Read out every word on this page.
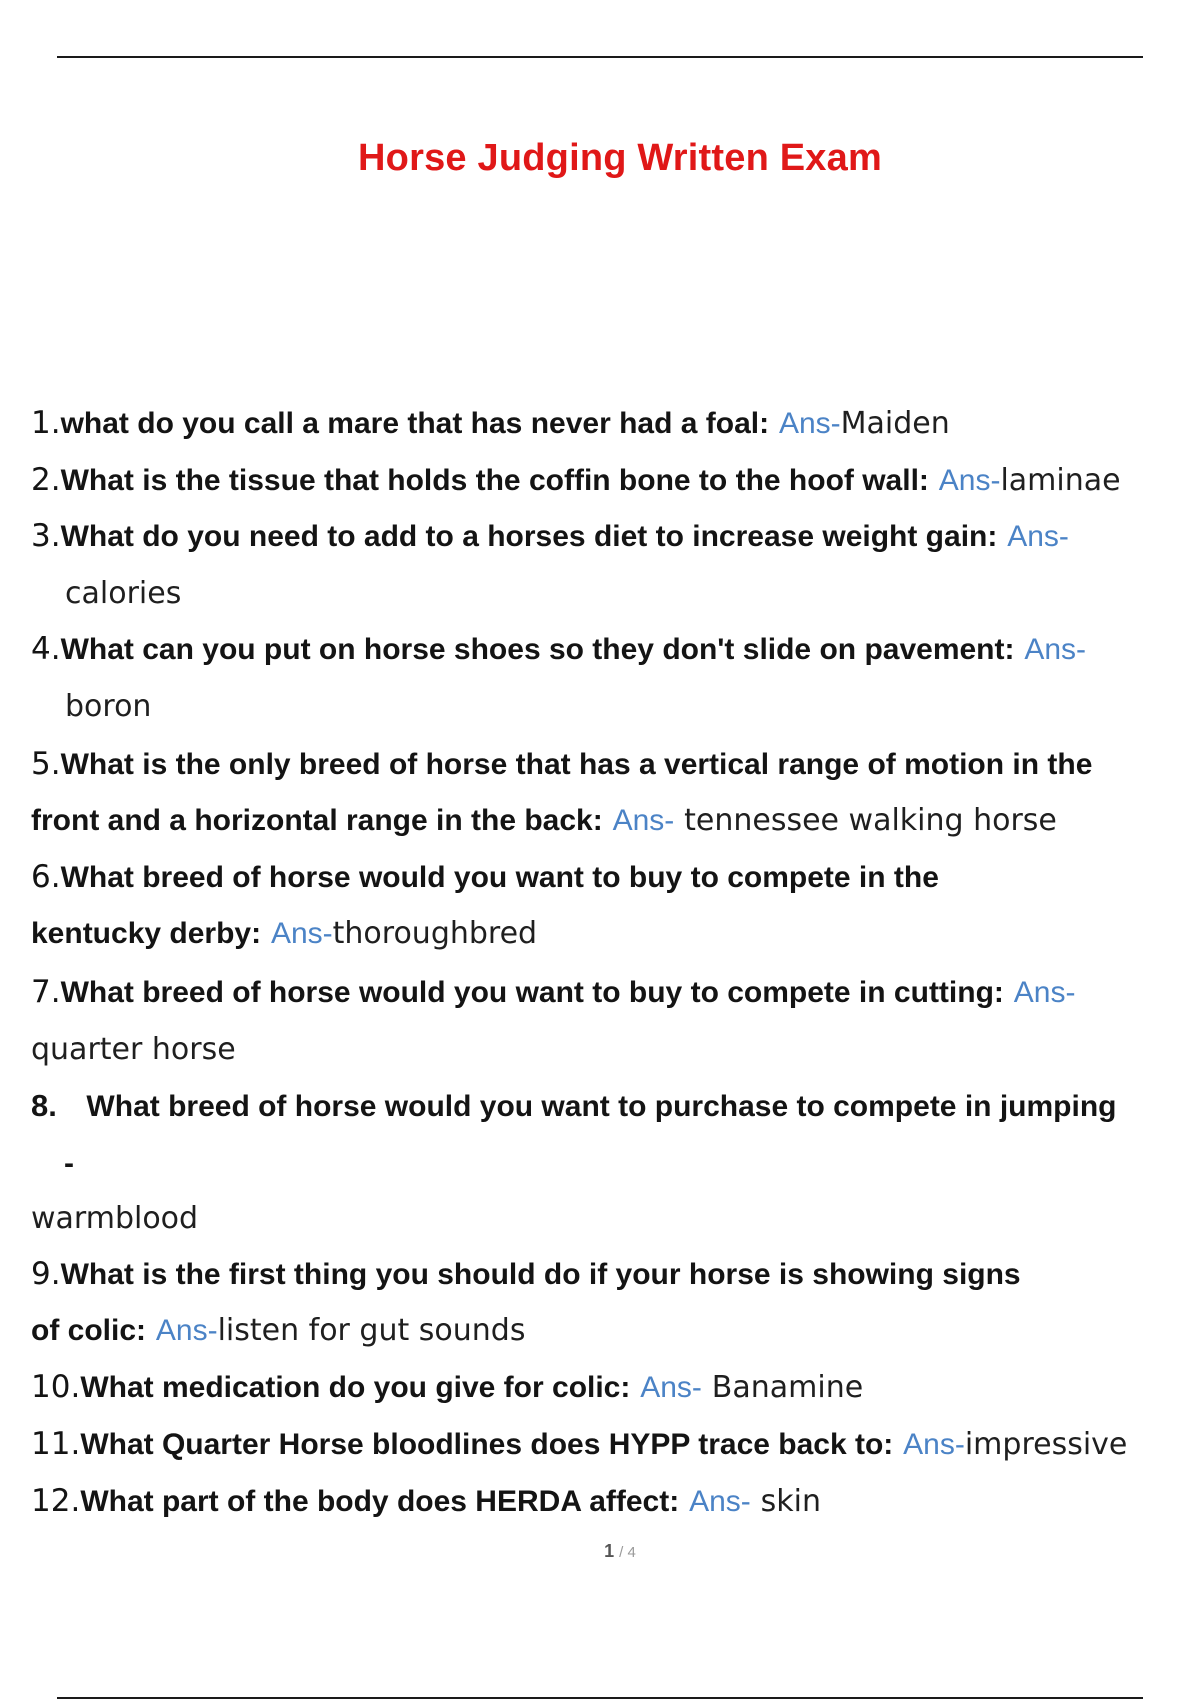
Horse Judging Written Exam
1.what do you call a mare that has never had a foal: Ans-Maiden
2.What is the tissue that holds the coffin bone to the hoof wall: Ans-laminae
3.What do you need to add to a horses diet to increase weight gain: Ans-
calories
4.What can you put on horse shoes so they don't slide on pavement: Ans-
boron
5.What is the only breed of horse that has a vertical range of motion in the
front and a horizontal range in the back: Ans- tennessee walking horse
6.What breed of horse would you want to buy to compete in the
kentucky derby: Ans-thoroughbred
7.What breed of horse would you want to buy to compete in cutting: Ans-
quarter horse
8. What breed of horse would you want to purchase to compete in jumping
-
warmblood
9.What is the first thing you should do if your horse is showing signs
of colic: Ans-listen for gut sounds
10.What medication do you give for colic: Ans- Banamine
11.What Quarter Horse bloodlines does HYPP trace back to: Ans-impressive
12.What part of the body does HERDA affect: Ans- skin
1 / 4
